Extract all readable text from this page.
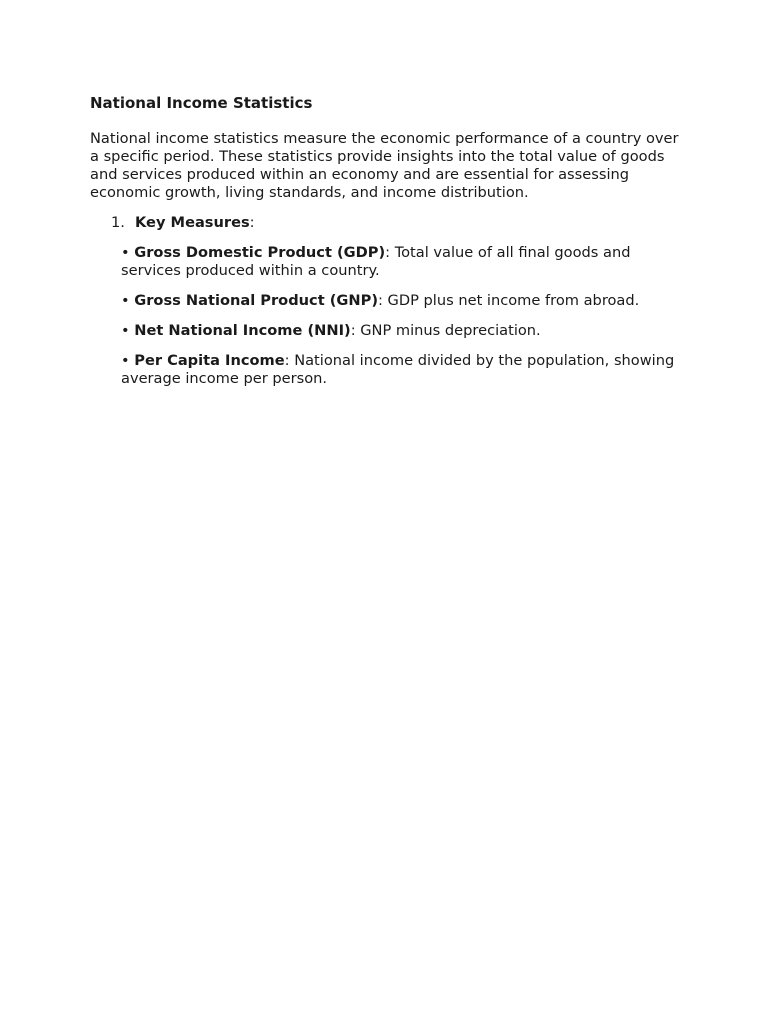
National Income Statistics

National income statistics measure the economic performance of a country over a specific period. These statistics provide insights into the total value of goods and services produced within an economy and are essential for assessing economic growth, living standards, and income distribution.

1. Key Measures:
• Gross Domestic Product (GDP): Total value of all final goods and services produced within a country.
• Gross National Product (GNP): GDP plus net income from abroad.
• Net National Income (NNI): GNP minus depreciation.
• Per Capita Income: National income divided by the population, showing average income per person.
